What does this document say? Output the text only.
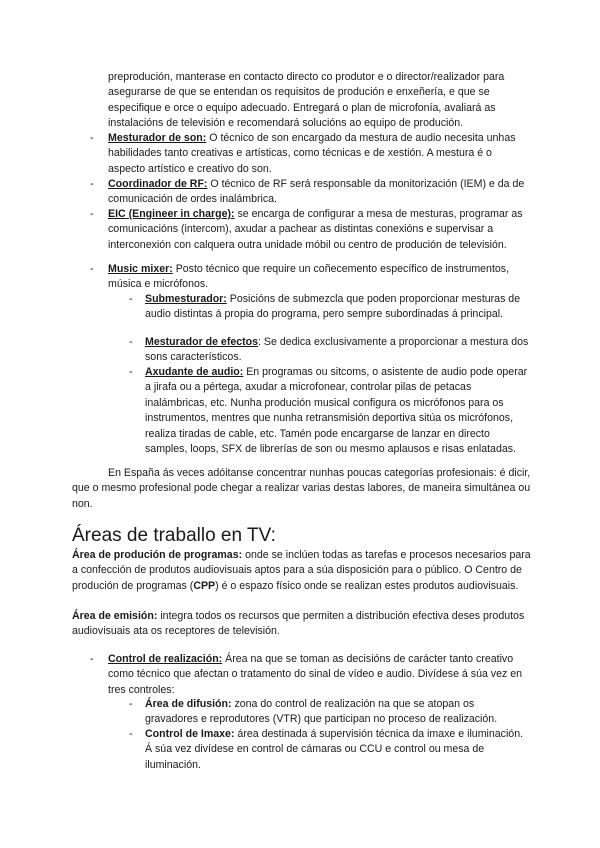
preprodución, manterase en contacto directo co produtor e o director/realizador para asegurarse de que se entendan os requisitos de produción e enxeñería, e que se especifique e orce o equipo adecuado. Entregará o plan de microfonía, avaliará as instalacións de televisión e recomendará solucións ao equipo de produción.

-	Mesturador de son: O técnico de son encargado da mestura de audio necesita unhas habilidades tanto creativas e artísticas, como técnicas e de xestión. A mestura é o aspecto artístico e creativo do son.

-	Coordinador de RF: O técnico de RF será responsable da monitorización (IEM) e da de comunicación de ordes inalámbrica.

-	EIC (Engineer in charge): se encarga de configurar a mesa de mesturas, programar as comunicacións (intercom), axudar a pachear as distintas conexións e supervisar a interconexión con calquera outra unidade móbil ou centro de produción de televisión.

-	Music mixer: Posto técnico que require un coñecemento específico de instrumentos, música e micrófonos.

-	Submesturador: Posicións de submezcla que poden proporcionar mesturas de audio distintas á propia do programa, pero sempre subordinadas á principal.

-	Mesturador de efectos: Se dedica exclusivamente a proporcionar a mestura dos sons característicos.

-	Axudante de audio: En programas ou sitcoms, o asistente de audio pode operar a jirafa ou a pértega, axudar a microfonear, controlar pilas de petacas inalámbricas, etc. Nunha produción musical configura os micrófonos para os instrumentos, mentres que nunha retransmisión deportiva sitúa os micrófonos, realiza tiradas de cable, etc. Tamén pode encargarse de lanzar en directo samples, loops, SFX de librerías de son ou mesmo aplausos e risas enlatadas.

En España ás veces adóitanse concentrar nunhas poucas categorías profesionais: é dicir, que o mesmo profesional pode chegar a realizar varias destas labores, de maneira simultánea ou non.

Áreas de traballo en TV:

Área de produción de programas: onde se inclúen todas as tarefas e procesos necesarios para a confección de produtos audiovisuais aptos para a súa disposición para o público. O Centro de produción de programas (CPP) é o espazo físico onde se realizan estes produtos audiovisuais.

Área de emisión: integra todos os recursos que permiten a distribución efectiva deses produtos audiovisuais ata os receptores de televisión.

-	Control de realización: Área na que se toman as decisións de carácter tanto creativo como técnico que afectan o tratamento do sinal de vídeo e audio. Divídese á súa vez en tres controles:

-	Área de difusión: zona do control de realización na que se atopan os gravadores e reprodutores (VTR) que participan no proceso de realización.

-	Control de Imaxe: área destinada á supervisión técnica da imaxe e iluminación. Á súa vez divídese en control de cámaras ou CCU e control ou mesa de iluminación.
